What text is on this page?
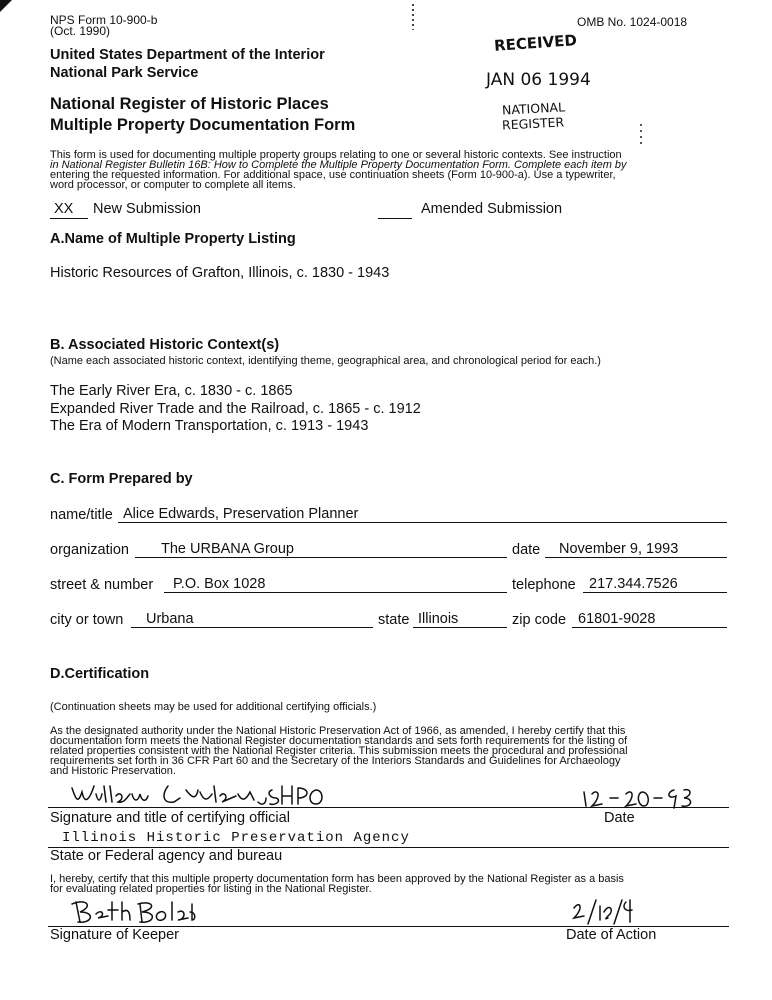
NPS Form 10-900-b
(Oct. 1990)
OMB No. 1024-0018
United States Department of the Interior
National Park Service
National Register of Historic Places
Multiple Property Documentation Form
RECEIVED
JAN 06 1994
NATIONAL
REGISTER
This form is used for documenting multiple property groups relating to one or several historic contexts. See instruction
in National Register Bulletin 16B: How to Complete the Multiple Property Documentation Form. Complete each item by
entering the requested information. For additional space, use continuation sheets (Form 10-900-a). Use a typewriter,
word processor, or computer to complete all items.
XX New Submission	Amended Submission
A.Name of Multiple Property Listing
Historic Resources of Grafton, Illinois, c. 1830 - 1943
B. Associated Historic Context(s)
(Name each associated historic context, identifying theme, geographical area, and chronological period for each.)
The Early River Era, c. 1830 - c. 1865
Expanded River Trade and the Railroad, c. 1865 - c. 1912
The Era of Modern Transportation, c. 1913 - 1943
C. Form Prepared by
name/title Alice Edwards, Preservation Planner
organization The URBANA Group	date November 9, 1993
street & number P.O. Box 1028	telephone 217.344.7526
city or town Urbana	state Illinois	zip code 61801-9028
D.Certification
(Continuation sheets may be used for additional certifying officials.)
As the designated authority under the National Historic Preservation Act of 1966, as amended, I hereby certify that this
documentation form meets the National Register documentation standards and sets forth requirements for the listing of
related properties consistent with the National Register criteria. This submission meets the procedural and professional
requirements set forth in 36 CFR Part 60 and the Secretary of the Interiors Standards and Guidelines for Archaeology
and Historic Preservation.
Signature and title of certifying official	Date
Illinois Historic Preservation Agency
State or Federal agency and bureau
I, hereby, certify that this multiple property documentation form has been approved by the National Register as a basis
for evaluating related properties for listing in the National Register.
Signature of Keeper	Date of Action
